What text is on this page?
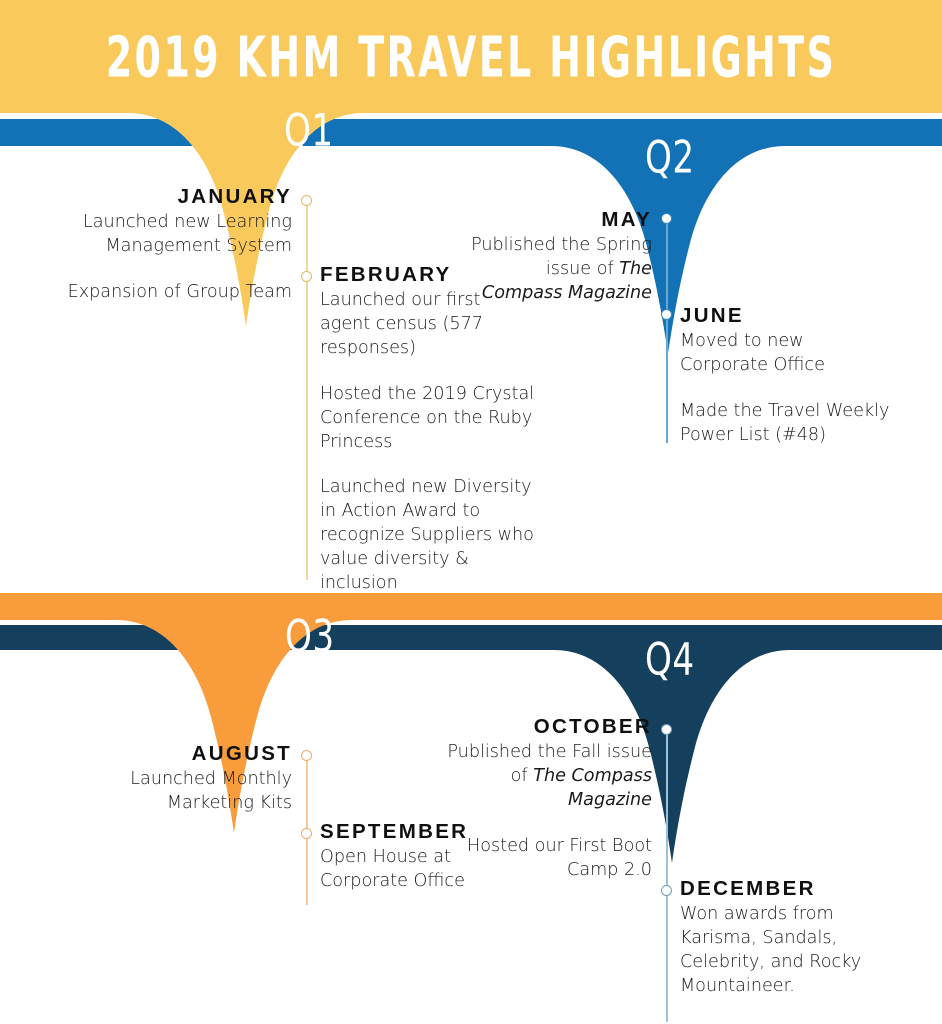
2019 KHM TRAVEL HIGHLIGHTS
Q1
Q2
JANUARY
Launched new Learning Management System
Expansion of Group Team
FEBRUARY
Launched our first agent census (577 responses)
Hosted the 2019 Crystal Conference on the Ruby Princess
Launched new Diversity in Action Award to recognize Suppliers who value diversity & inclusion
MAY
Published the Spring issue of The Compass Magazine
JUNE
Moved to new Corporate Office
Made the Travel Weekly Power List (#48)
Q3	Q4
AUGUST
Launched Monthly Marketing Kits
SEPTEMBER
Open House at Corporate Office
OCTOBER
Published the Fall issue of The Compass Magazine
Hosted our First Boot Camp 2.0
DECEMBER
Won awards from Karisma, Sandals, Celebrity, and Rocky Mountaineer.
